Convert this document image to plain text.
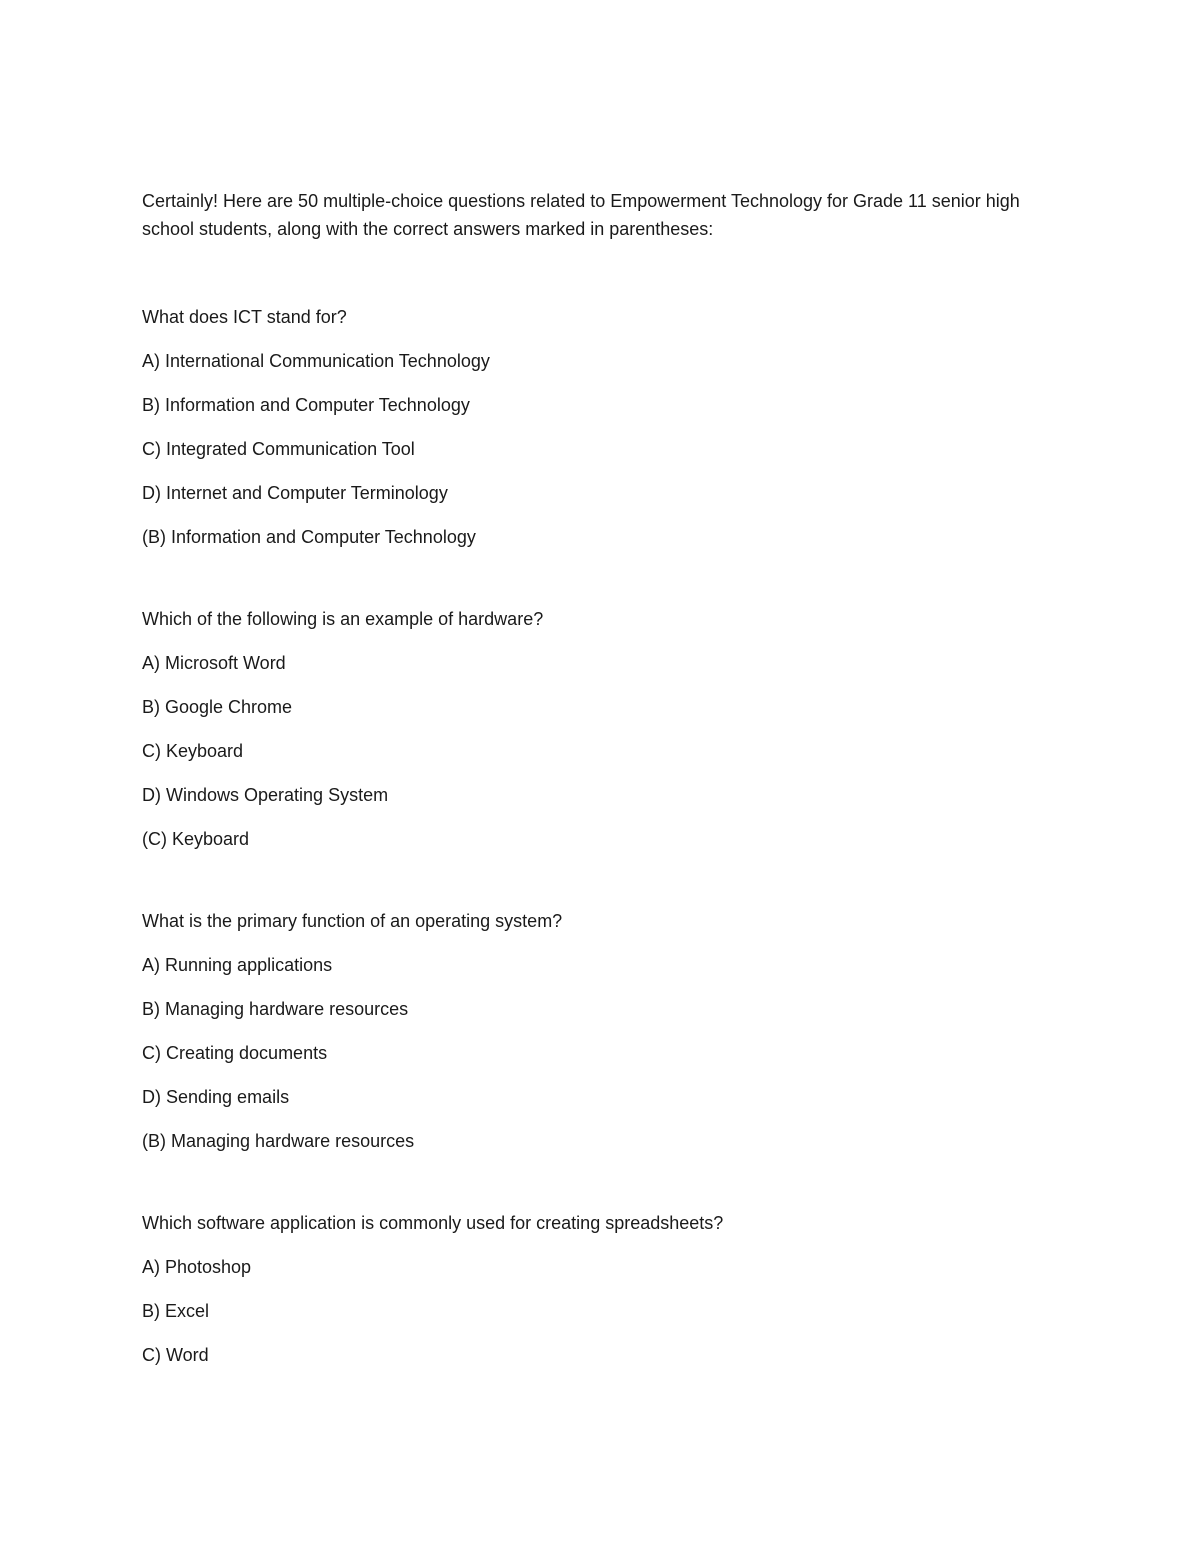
Certainly! Here are 50 multiple-choice questions related to Empowerment Technology for Grade 11 senior high school students, along with the correct answers marked in parentheses:

What does ICT stand for?
A) International Communication Technology
B) Information and Computer Technology
C) Integrated Communication Tool
D) Internet and Computer Terminology
(B) Information and Computer Technology
Which of the following is an example of hardware?
A) Microsoft Word
B) Google Chrome
C) Keyboard
D) Windows Operating System
(C) Keyboard
What is the primary function of an operating system?
A) Running applications
B) Managing hardware resources
C) Creating documents
D) Sending emails
(B) Managing hardware resources
Which software application is commonly used for creating spreadsheets?
A) Photoshop
B) Excel
C) Word
